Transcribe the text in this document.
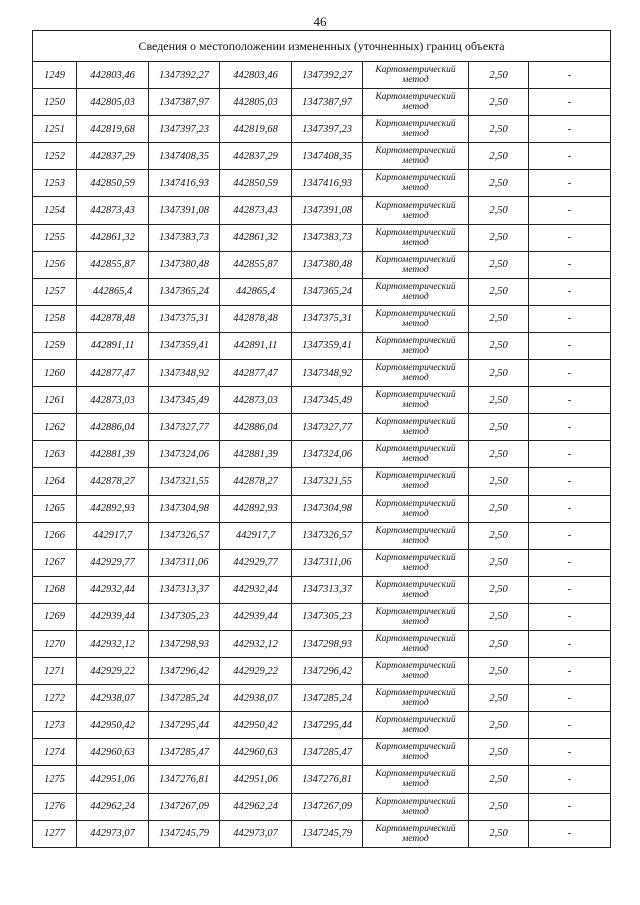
46
Сведения о местоположении измененных (уточненных) границ объекта							
1249	442803,46	1347392,27	442803,46	1347392,27	Картометрический
метод	2,50	-
1250	442805,03	1347387,97	442805,03	1347387,97	Картометрический
метод	2,50	-
1251	442819,68	1347397,23	442819,68	1347397,23	Картометрический
метод	2,50	-
1252	442837,29	1347408,35	442837,29	1347408,35	Картометрический
метод	2,50	-
1253	442850,59	1347416,93	442850,59	1347416,93	Картометрический
метод	2,50	-
1254	442873,43	1347391,08	442873,43	1347391,08	Картометрический
метод	2,50	-
1255	442861,32	1347383,73	442861,32	1347383,73	Картометрический
метод	2,50	-
1256	442855,87	1347380,48	442855,87	1347380,48	Картометрический
метод	2,50	-
1257	442865,4	1347365,24	442865,4	1347365,24	Картометрический
метод	2,50	-
1258	442878,48	1347375,31	442878,48	1347375,31	Картометрический
метод	2,50	-
1259	442891,11	1347359,41	442891,11	1347359,41	Картометрический
метод	2,50	-
1260	442877,47	1347348,92	442877,47	1347348,92	Картометрический
метод	2,50	-
1261	442873,03	1347345,49	442873,03	1347345,49	Картометрический
метод	2,50	-
1262	442886,04	1347327,77	442886,04	1347327,77	Картометрический
метод	2,50	-
1263	442881,39	1347324,06	442881,39	1347324,06	Картометрический
метод	2,50	-
1264	442878,27	1347321,55	442878,27	1347321,55	Картометрический
метод	2,50	-
1265	442892,93	1347304,98	442892,93	1347304,98	Картометрический
метод	2,50	-
1266	442917,7	1347326,57	442917,7	1347326,57	Картометрический
метод	2,50	-
1267	442929,77	1347311,06	442929,77	1347311,06	Картометрический
метод	2,50	-
1268	442932,44	1347313,37	442932,44	1347313,37	Картометрический
метод	2,50	-
1269	442939,44	1347305,23	442939,44	1347305,23	Картометрический
метод	2,50	-
1270	442932,12	1347298,93	442932,12	1347298,93	Картометрический
метод	2,50	-
1271	442929,22	1347296,42	442929,22	1347296,42	Картометрический
метод	2,50	-
1272	442938,07	1347285,24	442938,07	1347285,24	Картометрический
метод	2,50	-
1273	442950,42	1347295,44	442950,42	1347295,44	Картометрический
метод	2,50	-
1274	442960,63	1347285,47	442960,63	1347285,47	Картометрический
метод	2,50	-
1275	442951,06	1347276,81	442951,06	1347276,81	Картометрический
метод	2,50	-
1276	442962,24	1347267,09	442962,24	1347267,09	Картометрический
метод	2,50	-
1277	442973,07	1347245,79	442973,07	1347245,79	Картометрический
метод	2,50	-
